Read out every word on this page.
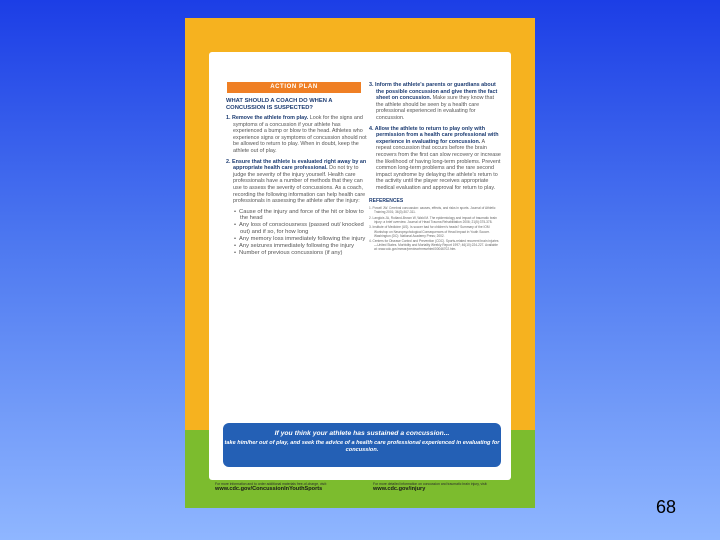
ACTION PLAN
WHAT SHOULD A COACH DO WHEN A CONCUSSION IS SUSPECTED?
1. Remove the athlete from play. Look for the signs and symptoms of a concussion if your athlete has experienced a bump or blow to the head. Athletes who experience signs or symptoms of concussion should not be allowed to return to play. When in doubt, keep the athlete out of play.
2. Ensure that the athlete is evaluated right away by an appropriate health care professional. Do not try to judge the severity of the injury yourself. Health care professionals have a number of methods that they can use to assess the severity of concussions. As a coach, recording the following information can help health care professionals in assessing the athlete after the injury:
• Cause of the injury and force of the hit or blow to the head
• Any loss of consciousness (passed out/ knocked out) and if so, for how long
• Any memory loss immediately following the injury
• Any seizures immediately following the injury
• Number of previous concussions (if any)
3. Inform the athlete's parents or guardians about the possible concussion and give them the fact sheet on concussion. Make sure they know that the athlete should be seen by a health care professional experienced in evaluating for concussion.
4. Allow the athlete to return to play only with permission from a health care professional with experience in evaluating for concussion. A repeat concussion that occurs before the brain recovers from the first can slow recovery or increase the likelihood of having long-term problems. Prevent common long-term problems and the rare second impact syndrome by delaying the athlete's return to the activity until the player receives appropriate medical evaluation and approval for return to play.
REFERENCES
1. Powell JW. Cerebral concussion: causes, effects, and risks in sports. Journal of Athletic Training 2001; 36(3):307-311.
2. Langlois JA, Rutland-Brown W, Wald M. The epidemiology and impact of traumatic brain injury: a brief overview. Journal of Head Trauma Rehabilitation 2006; 21(5):375-378.
3. Institute of Medicine (US). Is soccer bad for children's heads? Summary of the IOM Workshop on Neuropsychological Consequences of Head Impact in Youth Soccer. Washington (DC): National Academy Press; 2002.
4. Centers for Disease Control and Prevention (CDC). Sports-related recurrent brain injuries—United States. Morbidity and Mortality Weekly Report 1997; 46(10):224-227. Available at: www.cdc.gov/mmwr/preview/mmwrhtml/00046702.htm.
If you think your athlete has sustained a concussion...
take him/her out of play, and seek the advice of a health care professional experienced in evaluating for concussion.
For more information and to order additional materials free-of-charge, visit:
www.cdc.gov/ConcussionInYouthSports
For more detailed information on concussion and traumatic brain injury, visit:
www.cdc.gov/injury
68
